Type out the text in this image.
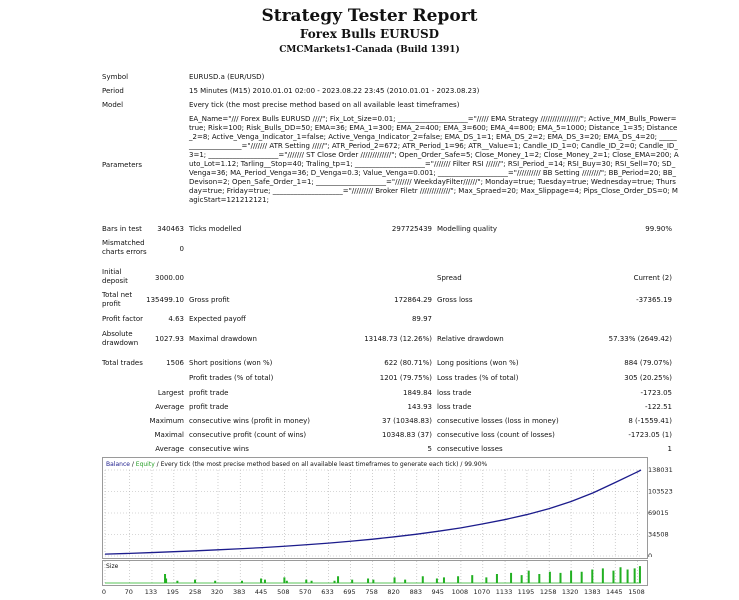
Strategy Tester Report
Forex Bulls EURUSD
CMCMarkets1-Canada (Build 1391)
Symbol	EURUSD.a (EUR/USD)
Period	15 Minutes (M15) 2010.01.01 02:00 - 2023.08.22 23:45 (2010.01.01 - 2023.08.23)
Model	Every tick (the most precise method based on all available least timeframes)
Parameters
EA_Name="/// Forex Bulls EURUSD ////"; Fix_Lot_Size=0.01; ____________________="///// EMA Strategy /////////////////"; Active_MM_Bulls_Power=true; Risk=100; Risk_Bulls_DD=50; EMA=36; EMA_1=300; EMA_2=400; EMA_3=600; EMA_4=800; EMA_5=1000; Distance_1=35; Distance_2=8; Active_Venga_Indicator_1=false; Active_Venga_Indicator_2=false; EMA_DS_1=1; EMA_DS_2=2; EMA_DS_3=20; EMA_DS_4=20; ____________________="/////// ATR Setting /////"; ATR_Period_2=672; ATR_Period_1=96; ATR__Value=1; Candle_ID_1=0; Candle_ID_2=0; Candle_ID_3=1; ____________________="/////// ST Close Order /////////////"; Open_Order_Safe=5; Close_Money_1=2; Close_Money_2=1; Close_EMA=200; Auto_Lot=1.12; Tarling__Stop=40; Traling_tp=1; ____________________="/////// Filter RSI //////"; RSI_Period_=14; RSI_Buy=30; RSI_Sell=70; SD_Venga=36; MA_Period_Venga=36; D_Venga=0.3; Value_Venga=0.001; ____________________="////////// BB Setting ////////"; BB_Period=20; BB_Devison=2; Open_Safe_Order_1=1; ____________________="/////// WeekdayFilter//////"; Monday=true; Tuesday=true; Wednesday=true; Thursday=true; Friday=true; ____________________="///////// Broker Filetr /////////////"; Max_Spraed=20; Max_Slippage=4; Pips_Close_Order_DS=0; MagicStart=121212121;
Bars in test	340463 Ticks modelled	297725439 Modelling quality	99.90%
Mismatched charts errors	0
Initial deposit	3000.00	Spread	Current (2)
Total net profit	135499.10 Gross profit	172864.29 Gross loss	-37365.19
Profit factor	4.63 Expected payoff	89.97
Absolute drawdown	1027.93 Maximal drawdown	13148.73 (12.26%) Relative drawdown	57.33% (2649.42)
Total trades	1506 Short positions (won %)	622 (80.71%) Long positions (won %)	884 (79.07%)
Profit trades (% of total)	1201 (79.75%) Loss trades (% of total)	305 (20.25%)
Largest profit trade	1849.84 loss trade	-1723.05
Average profit trade	143.93 loss trade	-122.51
Maximum consecutive wins (profit in money)	37 (10348.83) consecutive losses (loss in money)	8 (-1559.41)
Maximal consecutive profit (count of wins)	10348.83 (37) consecutive loss (count of losses)	-1723.05 (1)
Average consecutive wins	5 consecutive losses	1
Balance / Equity / Every tick (the most precise method based on all available least timeframes to generate each tick) / 99.90%
Size
0	70 133 195 258 320 383 445 508 570 633 695 758 820 883 945 1008 1070 1133 1195 1258 1320 1383 1445 1508
138031
103523
69015
34508
0
